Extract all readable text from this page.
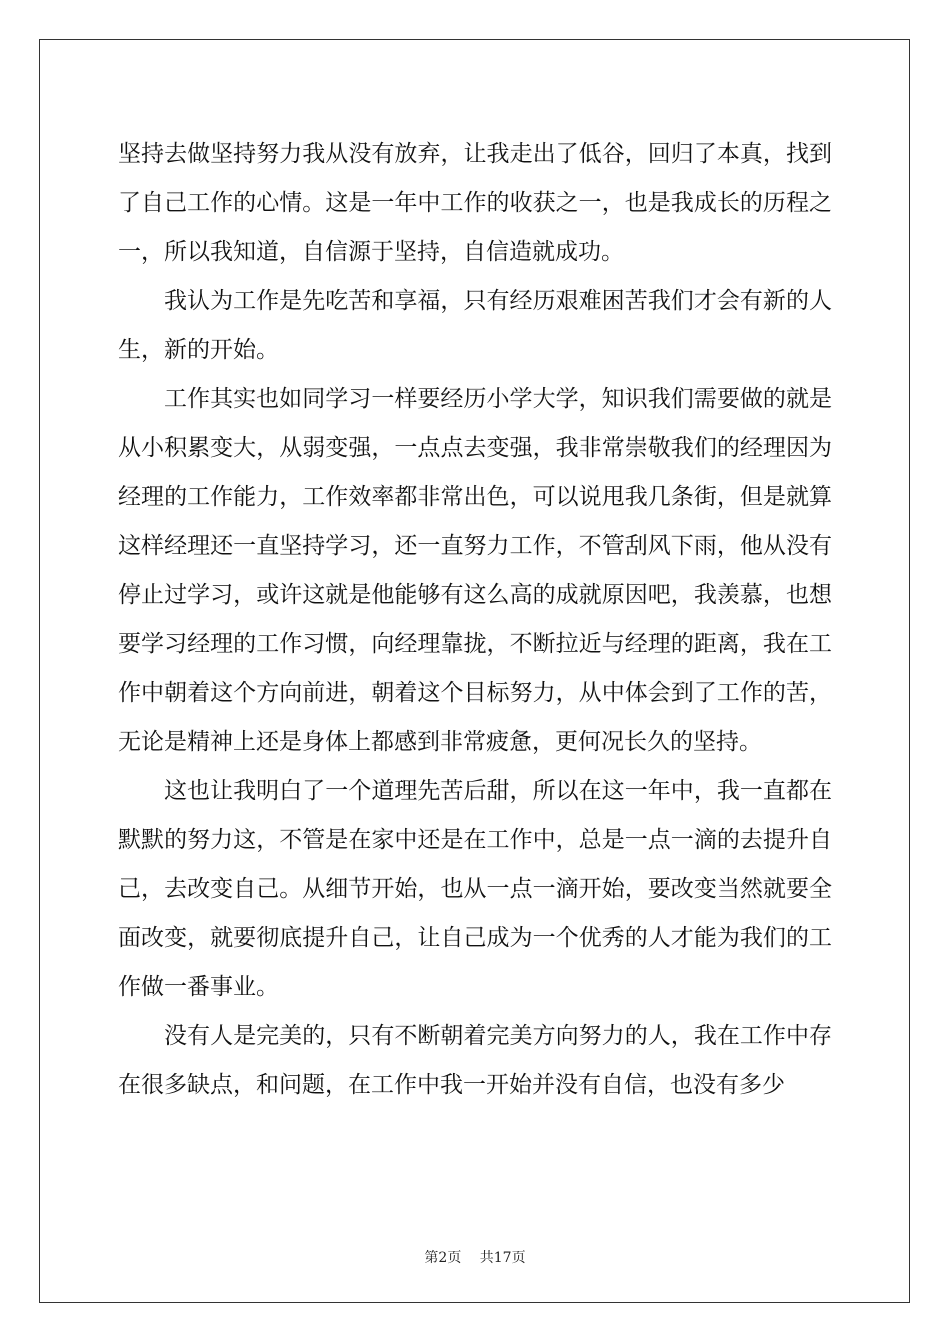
坚持去做坚持努力我从没有放弃，让我走出了低谷，回归了本真，找到了自己工作的心情。这是一年中工作的收获之一，也是我成长的历程之一，所以我知道，自信源于坚持，自信造就成功。

我认为工作是先吃苦和享福，只有经历艰难困苦我们才会有新的人生，新的开始。

工作其实也如同学习一样要经历小学大学，知识我们需要做的就是从小积累变大，从弱变强，一点点去变强，我非常崇敬我们的经理因为经理的工作能力，工作效率都非常出色，可以说甩我几条街，但是就算这样经理还一直坚持学习，还一直努力工作，不管刮风下雨，他从没有停止过学习，或许这就是他能够有这么高的成就原因吧，我羡慕，也想要学习经理的工作习惯，向经理靠拢，不断拉近与经理的距离，我在工作中朝着这个方向前进，朝着这个目标努力，从中体会到了工作的苦，无论是精神上还是身体上都感到非常疲惫，更何况长久的坚持。

这也让我明白了一个道理先苦后甜，所以在这一年中，我一直都在默默的努力这，不管是在家中还是在工作中，总是一点一滴的去提升自己，去改变自己。从细节开始，也从一点一滴开始，要改变当然就要全面改变，就要彻底提升自己，让自己成为一个优秀的人才能为我们的工作做一番事业。

没有人是完美的，只有不断朝着完美方向努力的人，我在工作中存在很多缺点，和问题，在工作中我一开始并没有自信，也没有多少

第2页　 共17页
